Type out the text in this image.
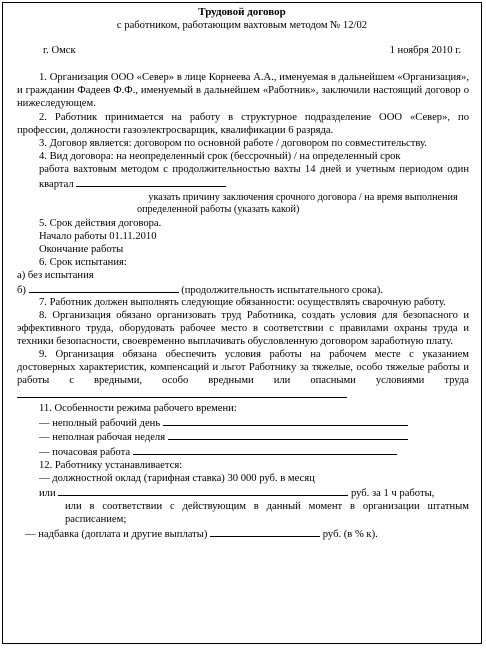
Трудовой договор
с работником, работающим вахтовым методом № 12/02
г. Омск	1 ноября 2010 г.

1. Организация ООО «Север» в лице Корнеева А.А., именуемая в дальнейшем «Организация», и гражданин Фадеев Ф.Ф., именуемый в дальнейшем «Работник», заключили настоящий договор о нижеследующем.

2. Работник принимается на работу в структурное подразделение ООО «Север», по профессии, должности газоэлектросварщик, квалификации 6 разряда.

3. Договор является: договором по основной работе / договором по совместительству.

4. Вид договора: на неопределенный срок (бессрочный) / на определенный срок

работа вахтовым методом с продолжительностью вахты 14 дней и учетным периодом один квартал

указать причину заключения срочного договора / на время выполнения определенной работы (указать какой)

5. Срок действия договора.

Начало работы 01.11.2010

Окончание работы

6. Срок испытания:

а) без испытания

б)	(продолжительность испытательного срока).

7. Работник должен выполнять следующие обязанности: осуществлять сварочную работу.

8. Организация обязано организовать труд Работника, создать условия для безопасного и эффективного труда, оборудовать рабочее место в соответствии с правилами охраны труда и техники безопасности, своевременно выплачивать обусловленную договором заработную плату.

9. Организация обязана обеспечить условия работы на рабочем месте с указанием достоверных характеристик, компенсаций и льгот Работнику за тяжелые, особо тяжелые работы и работы с вредными, особо вредными или опасными условиями труда

11. Особенности режима рабочего времени:

— неполный рабочий день

— неполная рабочая неделя

— почасовая работа

12. Работнику устанавливается:

— должностной оклад (тарифная ставка) 30 000 руб. в месяц

или	руб. за 1 ч работы,

или в соответствии с действующим в данный момент в организации штатным расписанием;

— надбавка (доплата и другие выплаты)	руб. (в % к).
